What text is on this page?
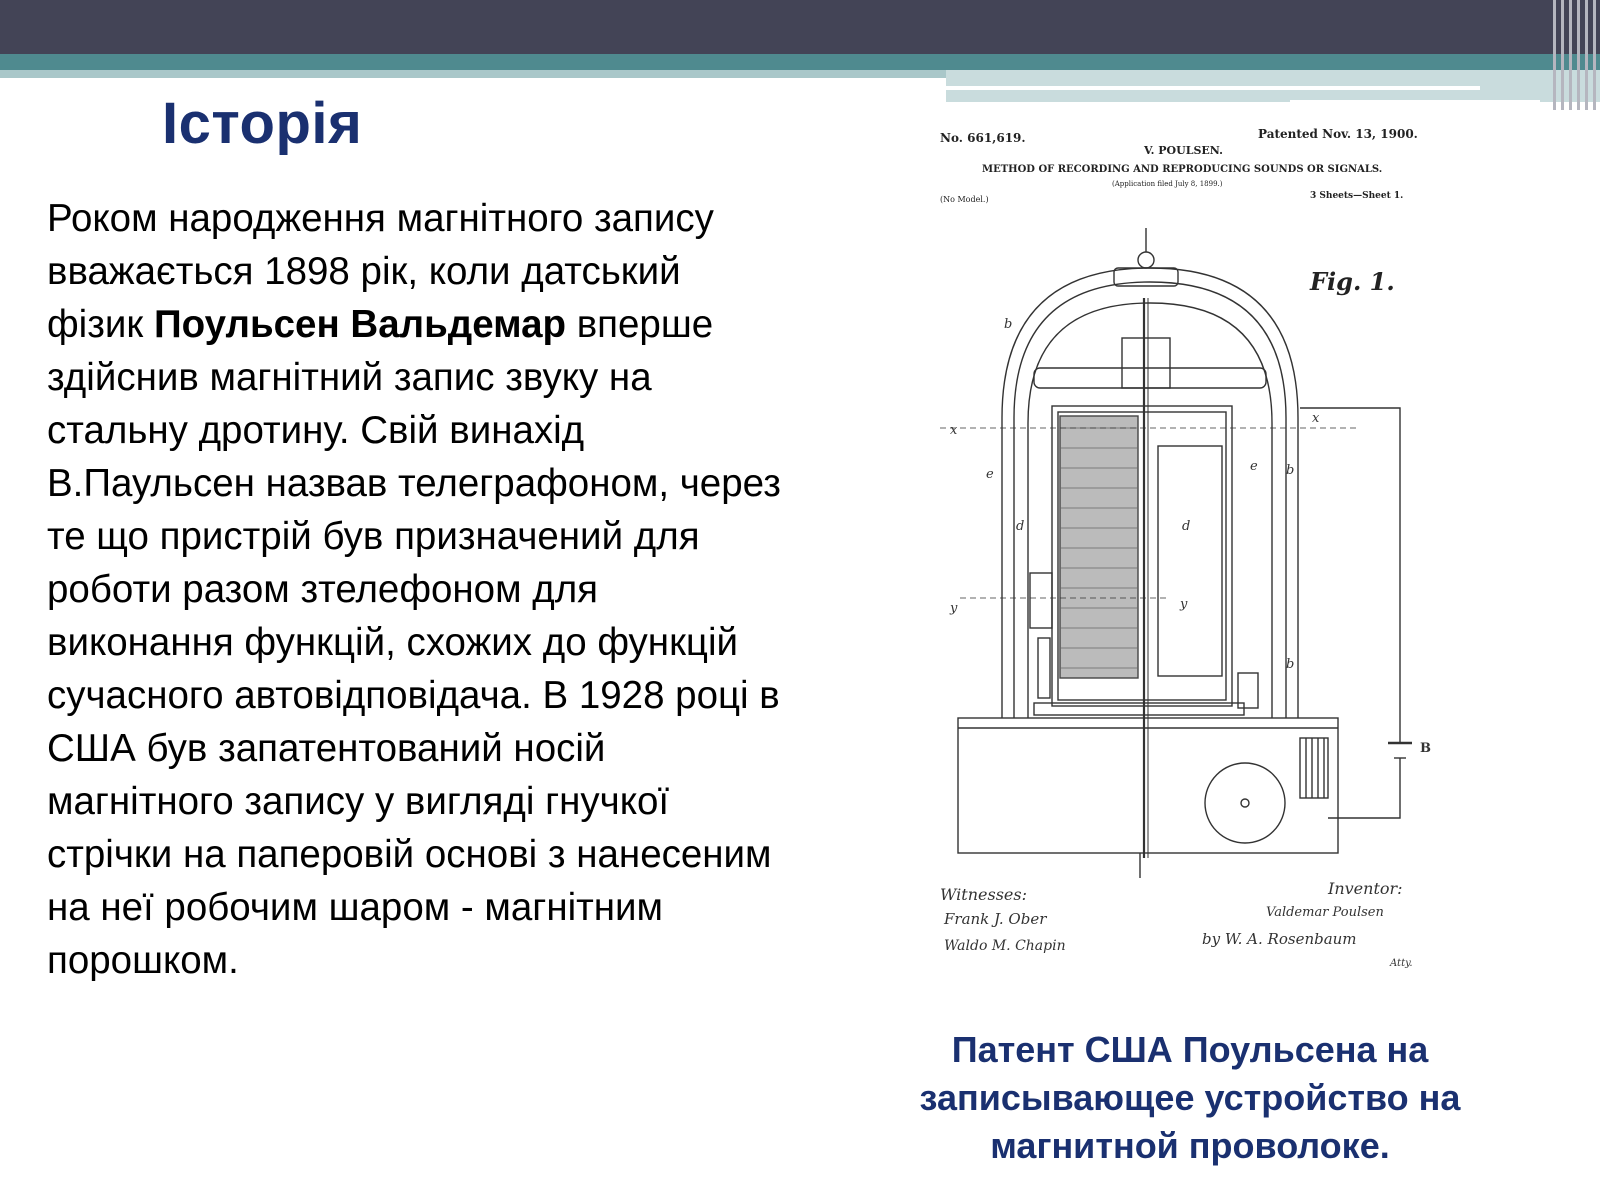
Історія
Роком народження магнітного запису вважається 1898 рік, коли датський фізик Поульсен Вальдемар вперше здійснив магнітний запис звуку на стальну дротину. Свій винахід В.Паульсен назвав телеграфоном, через те що пристрій був призначений для роботи разом зтелефоном для виконання функцій, схожих до функцій сучасного автовідповідача. В 1928 році в США був запатентований носій магнітного запису у вигляді гнучкої стрічки на паперовій основі з нанесеним на неї робочим шаром - магнітним порошком.
No. 661,619.	Patented Nov. 13, 1900.
V. POULSEN.
METHOD OF RECORDING AND REPRODUCING SOUNDS OR SIGNALS.
(Application filed July 8, 1899.)
(No Model.)	3 Sheets—Sheet 1.
Fig. 1.
b
e
d
y	y
d
e b
b
B
x
x
Witnesses:
Frank J. Ober
Waldo M. Chapin
Inventor:
Valdemar Poulsen
by W. A. Rosenbaum
Atty.
Патент США Поульсена на записывающее устройство на магнитной проволоке.
